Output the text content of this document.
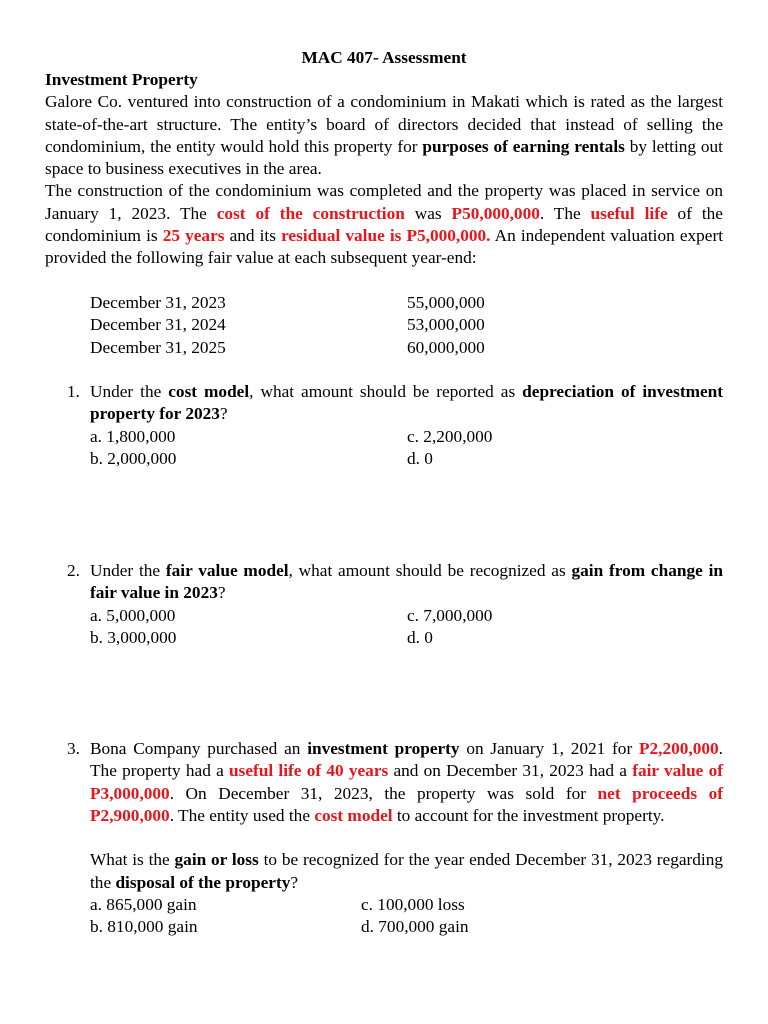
MAC 407- Assessment
Investment Property
Galore Co. ventured into construction of a condominium in Makati which is rated as the largest state-of-the-art structure. The entity’s board of directors decided that instead of selling the condominium, the entity would hold this property for purposes of earning rentals by letting out space to business executives in the area.
The construction of the condominium was completed and the property was placed in service on January 1, 2023. The cost of the construction was P50,000,000. The useful life of the condominium is 25 years and its residual value is P5,000,000. An independent valuation expert provided the following fair value at each subsequent year-end:
December 31, 2023	55,000,000
December 31, 2024	53,000,000
December 31, 2025	60,000,000
1. Under the cost model, what amount should be reported as depreciation of investment property for 2023?
a. 1,800,000
b. 2,000,000
c. 2,200,000
d. 0
2. Under the fair value model, what amount should be recognized as gain from change in fair value in 2023?
a. 5,000,000
b. 3,000,000
c. 7,000,000
d. 0
3. Bona Company purchased an investment property on January 1, 2021 for P2,200,000. The property had a useful life of 40 years and on December 31, 2023 had a fair value of P3,000,000. On December 31, 2023, the property was sold for net proceeds of P2,900,000. The entity used the cost model to account for the investment property.
What is the gain or loss to be recognized for the year ended December 31, 2023 regarding the disposal of the property?
a. 865,000 gain
b. 810,000 gain
c. 100,000 loss
d. 700,000 gain
